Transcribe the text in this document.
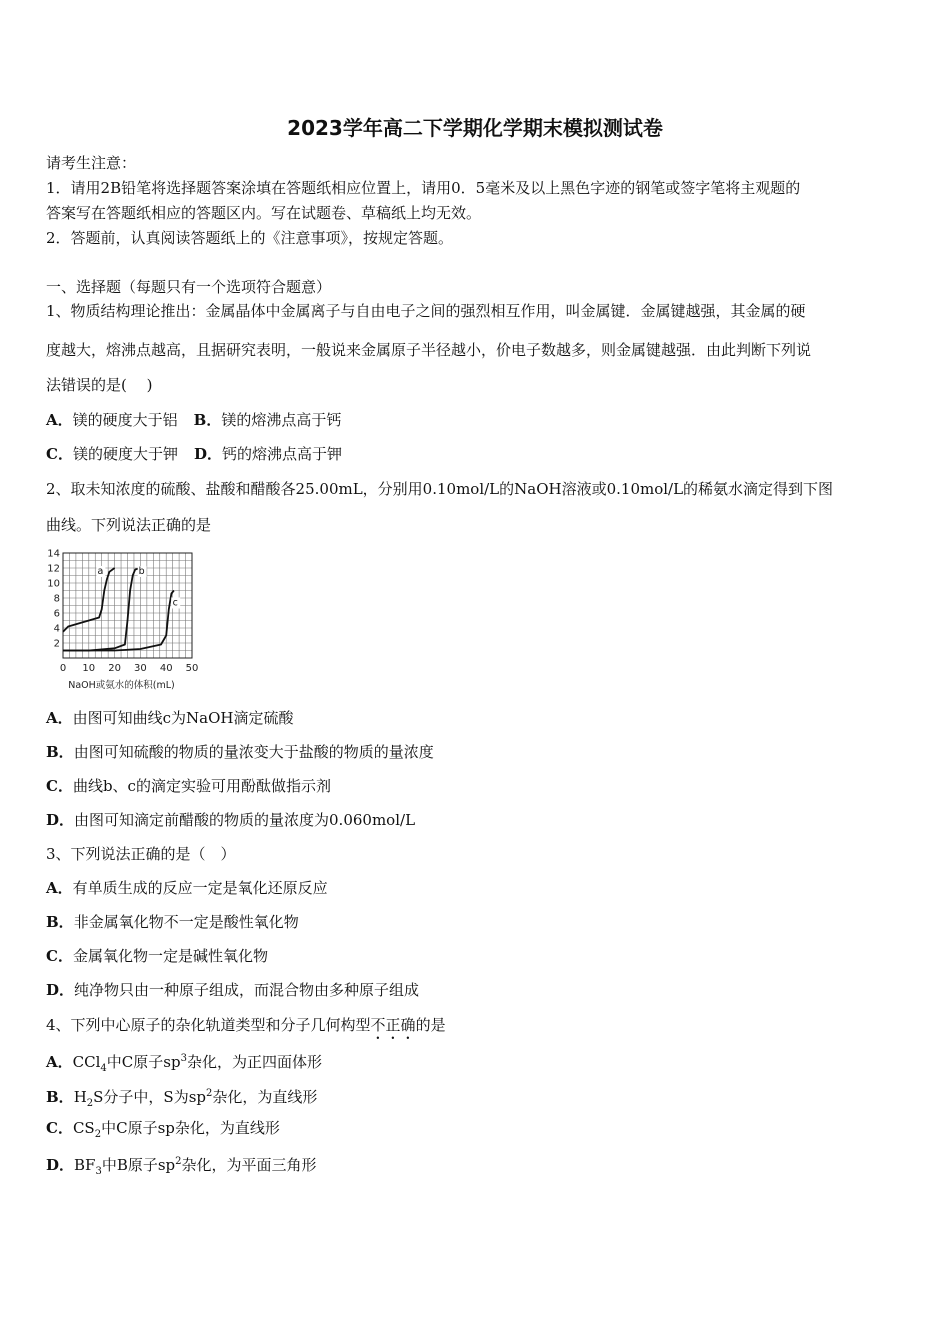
2023学年高二下学期化学期末模拟测试卷
请考生注意：
1．请用2B铅笔将选择题答案涂填在答题纸相应位置上，请用0．5毫米及以上黑色字迹的钢笔或签字笔将主观题的
答案写在答题纸相应的答题区内。写在试题卷、草稿纸上均无效。
2．答题前，认真阅读答题纸上的《注意事项》，按规定答题。
一、选择题（每题只有一个选项符合题意）
1、物质结构理论推出：金属晶体中金属离子与自由电子之间的强烈相互作用，叫金属键．金属键越强，其金属的硬
度越大，熔沸点越高，且据研究表明，一般说来金属原子半径越小，价电子数越多，则金属键越强．由此判断下列说
法错误的是(　 )
A．镁的硬度大于铝 B．镁的熔沸点高于钙
C．镁的硬度大于钾 D．钙的熔沸点高于钾
2、取未知浓度的硫酸、盐酸和醋酸各25.00mL，分别用0.10mol/L的NaOH溶液或0.10mol/L的稀氨水滴定得到下图
曲线。下列说法正确的是
2
4
6
8
10
12
14
0 10 20 30 40 50
NaOH或氨水的体积(mL)
a	b
c
A．由图可知曲线c为NaOH滴定硫酸
B．由图可知硫酸的物质的量浓变大于盐酸的物质的量浓度
C．曲线b、c的滴定实验可用酚酞做指示剂
D．由图可知滴定前醋酸的物质的量浓度为0.060mol/L
3、下列说法正确的是（　）
A．有单质生成的反应一定是氧化还原反应
B．非金属氧化物不一定是酸性氧化物
C．金属氧化物一定是碱性氧化物
D．纯净物只由一种原子组成，而混合物由多种原子组成
4、下列中心原子的杂化轨道类型和分子几何构型不正确的是
A．CCl$_4$中C原子$sp^3$杂化，为正四面体形
B．$H_2S$分子中，S为$sp^2$杂化，为直线形
C．$CS_2$中C原子sp杂化，为直线形
D．$BF_3$中B原子$sp^2$杂化，为平面三角形
